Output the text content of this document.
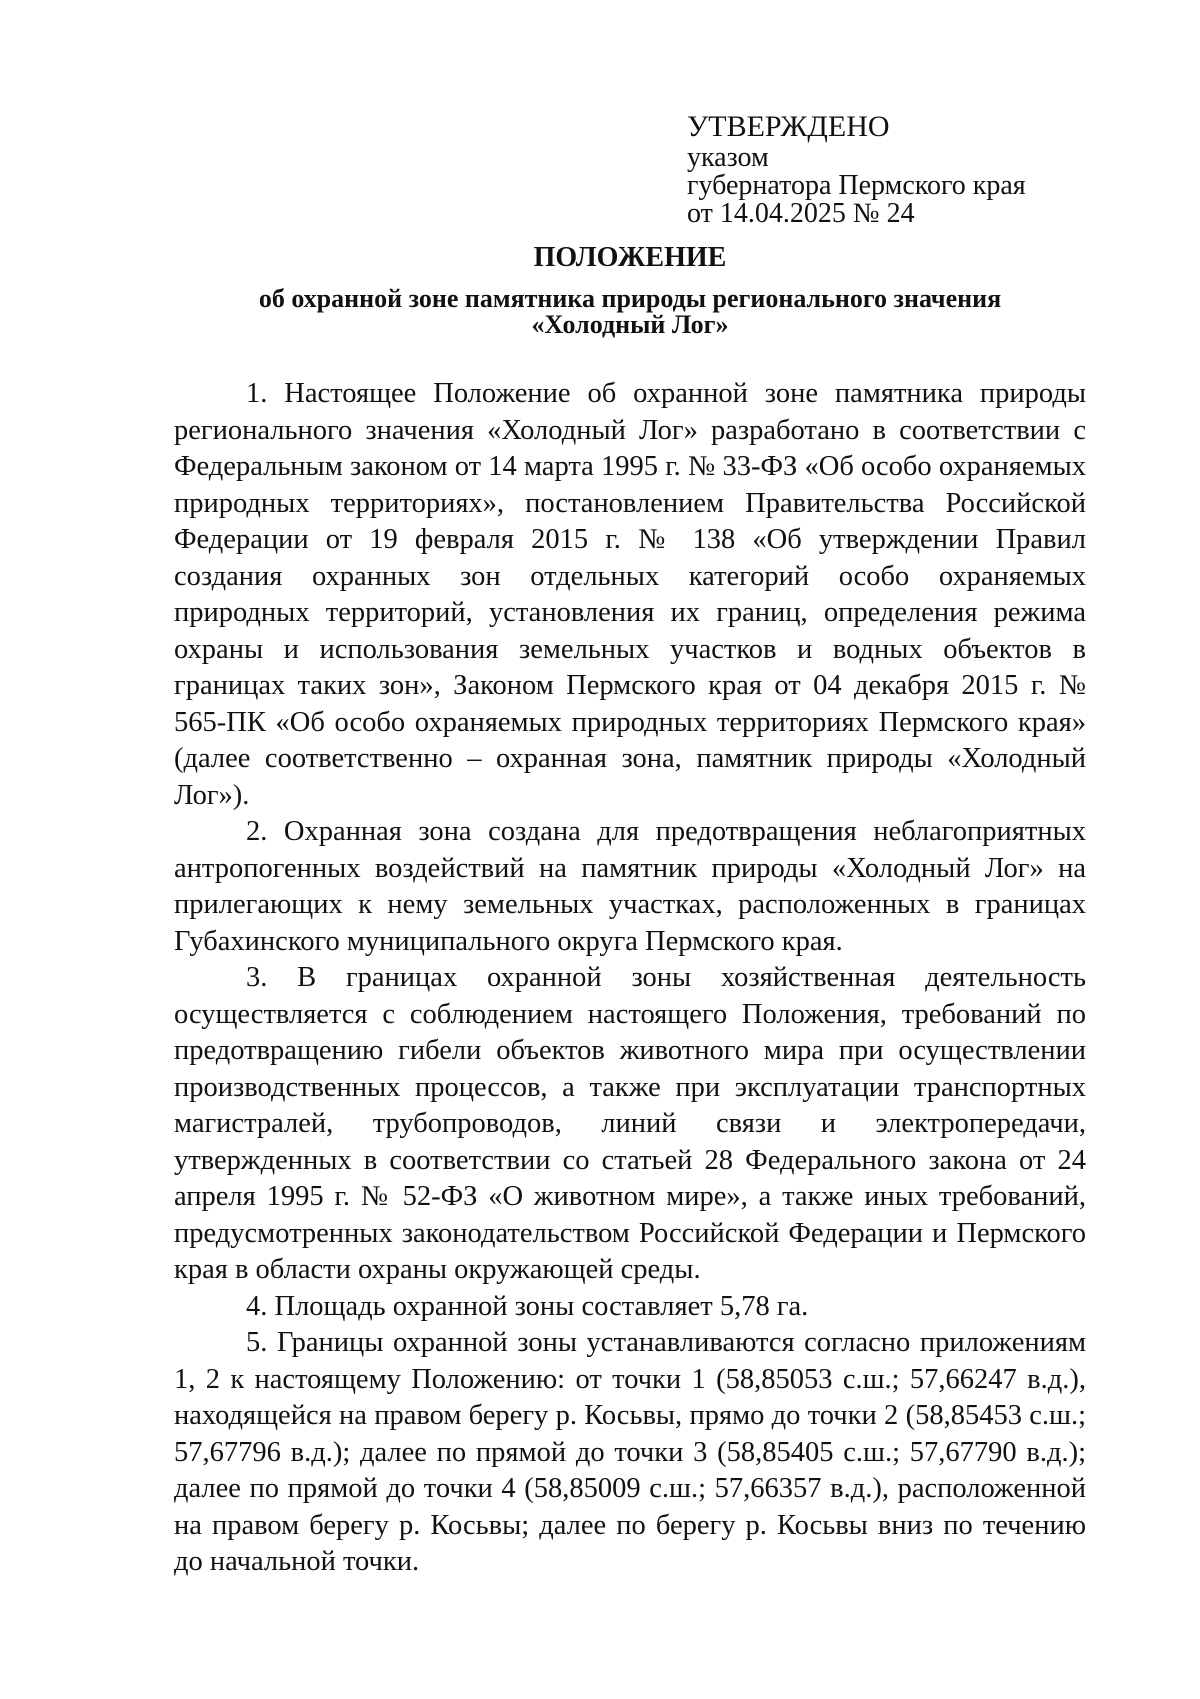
УТВЕРЖДЕНО
указом
губернатора Пермского края
от 14.04.2025 № 24
ПОЛОЖЕНИЕ
об охранной зоне памятника природы регионального значения
«Холодный Лог»

1. Настоящее Положение об охранной зоне памятника природы регионального значения «Холодный Лог» разработано в соответствии с Федеральным законом от 14 марта 1995 г. № 33-ФЗ «Об особо охраняемых природных территориях», постановлением Правительства Российской Федерации от 19 февраля 2015 г. № 138 «Об утверждении Правил создания охранных зон отдельных категорий особо охраняемых природных территорий, установления их границ, определения режима охраны и использования земельных участков и водных объектов в границах таких зон», Законом Пермского края от 04 декабря 2015 г. № 565-ПК «Об особо охраняемых природных территориях Пермского края» (далее соответственно – охранная зона, памятник природы «Холодный Лог»).

2. Охранная зона создана для предотвращения неблагоприятных антропогенных воздействий на памятник природы «Холодный Лог» на прилегающих к нему земельных участках, расположенных в границах Губахинского муниципального округа Пермского края.

3. В границах охранной зоны хозяйственная деятельность осуществляется с соблюдением настоящего Положения, требований по предотвращению гибели объектов животного мира при осуществлении производственных процессов, а также при эксплуатации транспортных магистралей, трубопроводов, линий связи и электропередачи, утвержденных в соответствии со статьей 28 Федерального закона от 24 апреля 1995 г. № 52-ФЗ «О животном мире», а также иных требований, предусмотренных законодательством Российской Федерации и Пермского края в области охраны окружающей среды.

4. Площадь охранной зоны составляет 5,78 га.

5. Границы охранной зоны устанавливаются согласно приложениям 1, 2 к настоящему Положению: от точки 1 (58,85053 с.ш.; 57,66247 в.д.), находящейся на правом берегу р. Косьвы, прямо до точки 2 (58,85453 с.ш.; 57,67796 в.д.); далее по прямой до точки 3 (58,85405 с.ш.; 57,67790 в.д.); далее по прямой до точки 4 (58,85009 с.ш.; 57,66357 в.д.), расположенной на правом берегу р. Косьвы; далее по берегу р. Косьвы вниз по течению до начальной точки.
